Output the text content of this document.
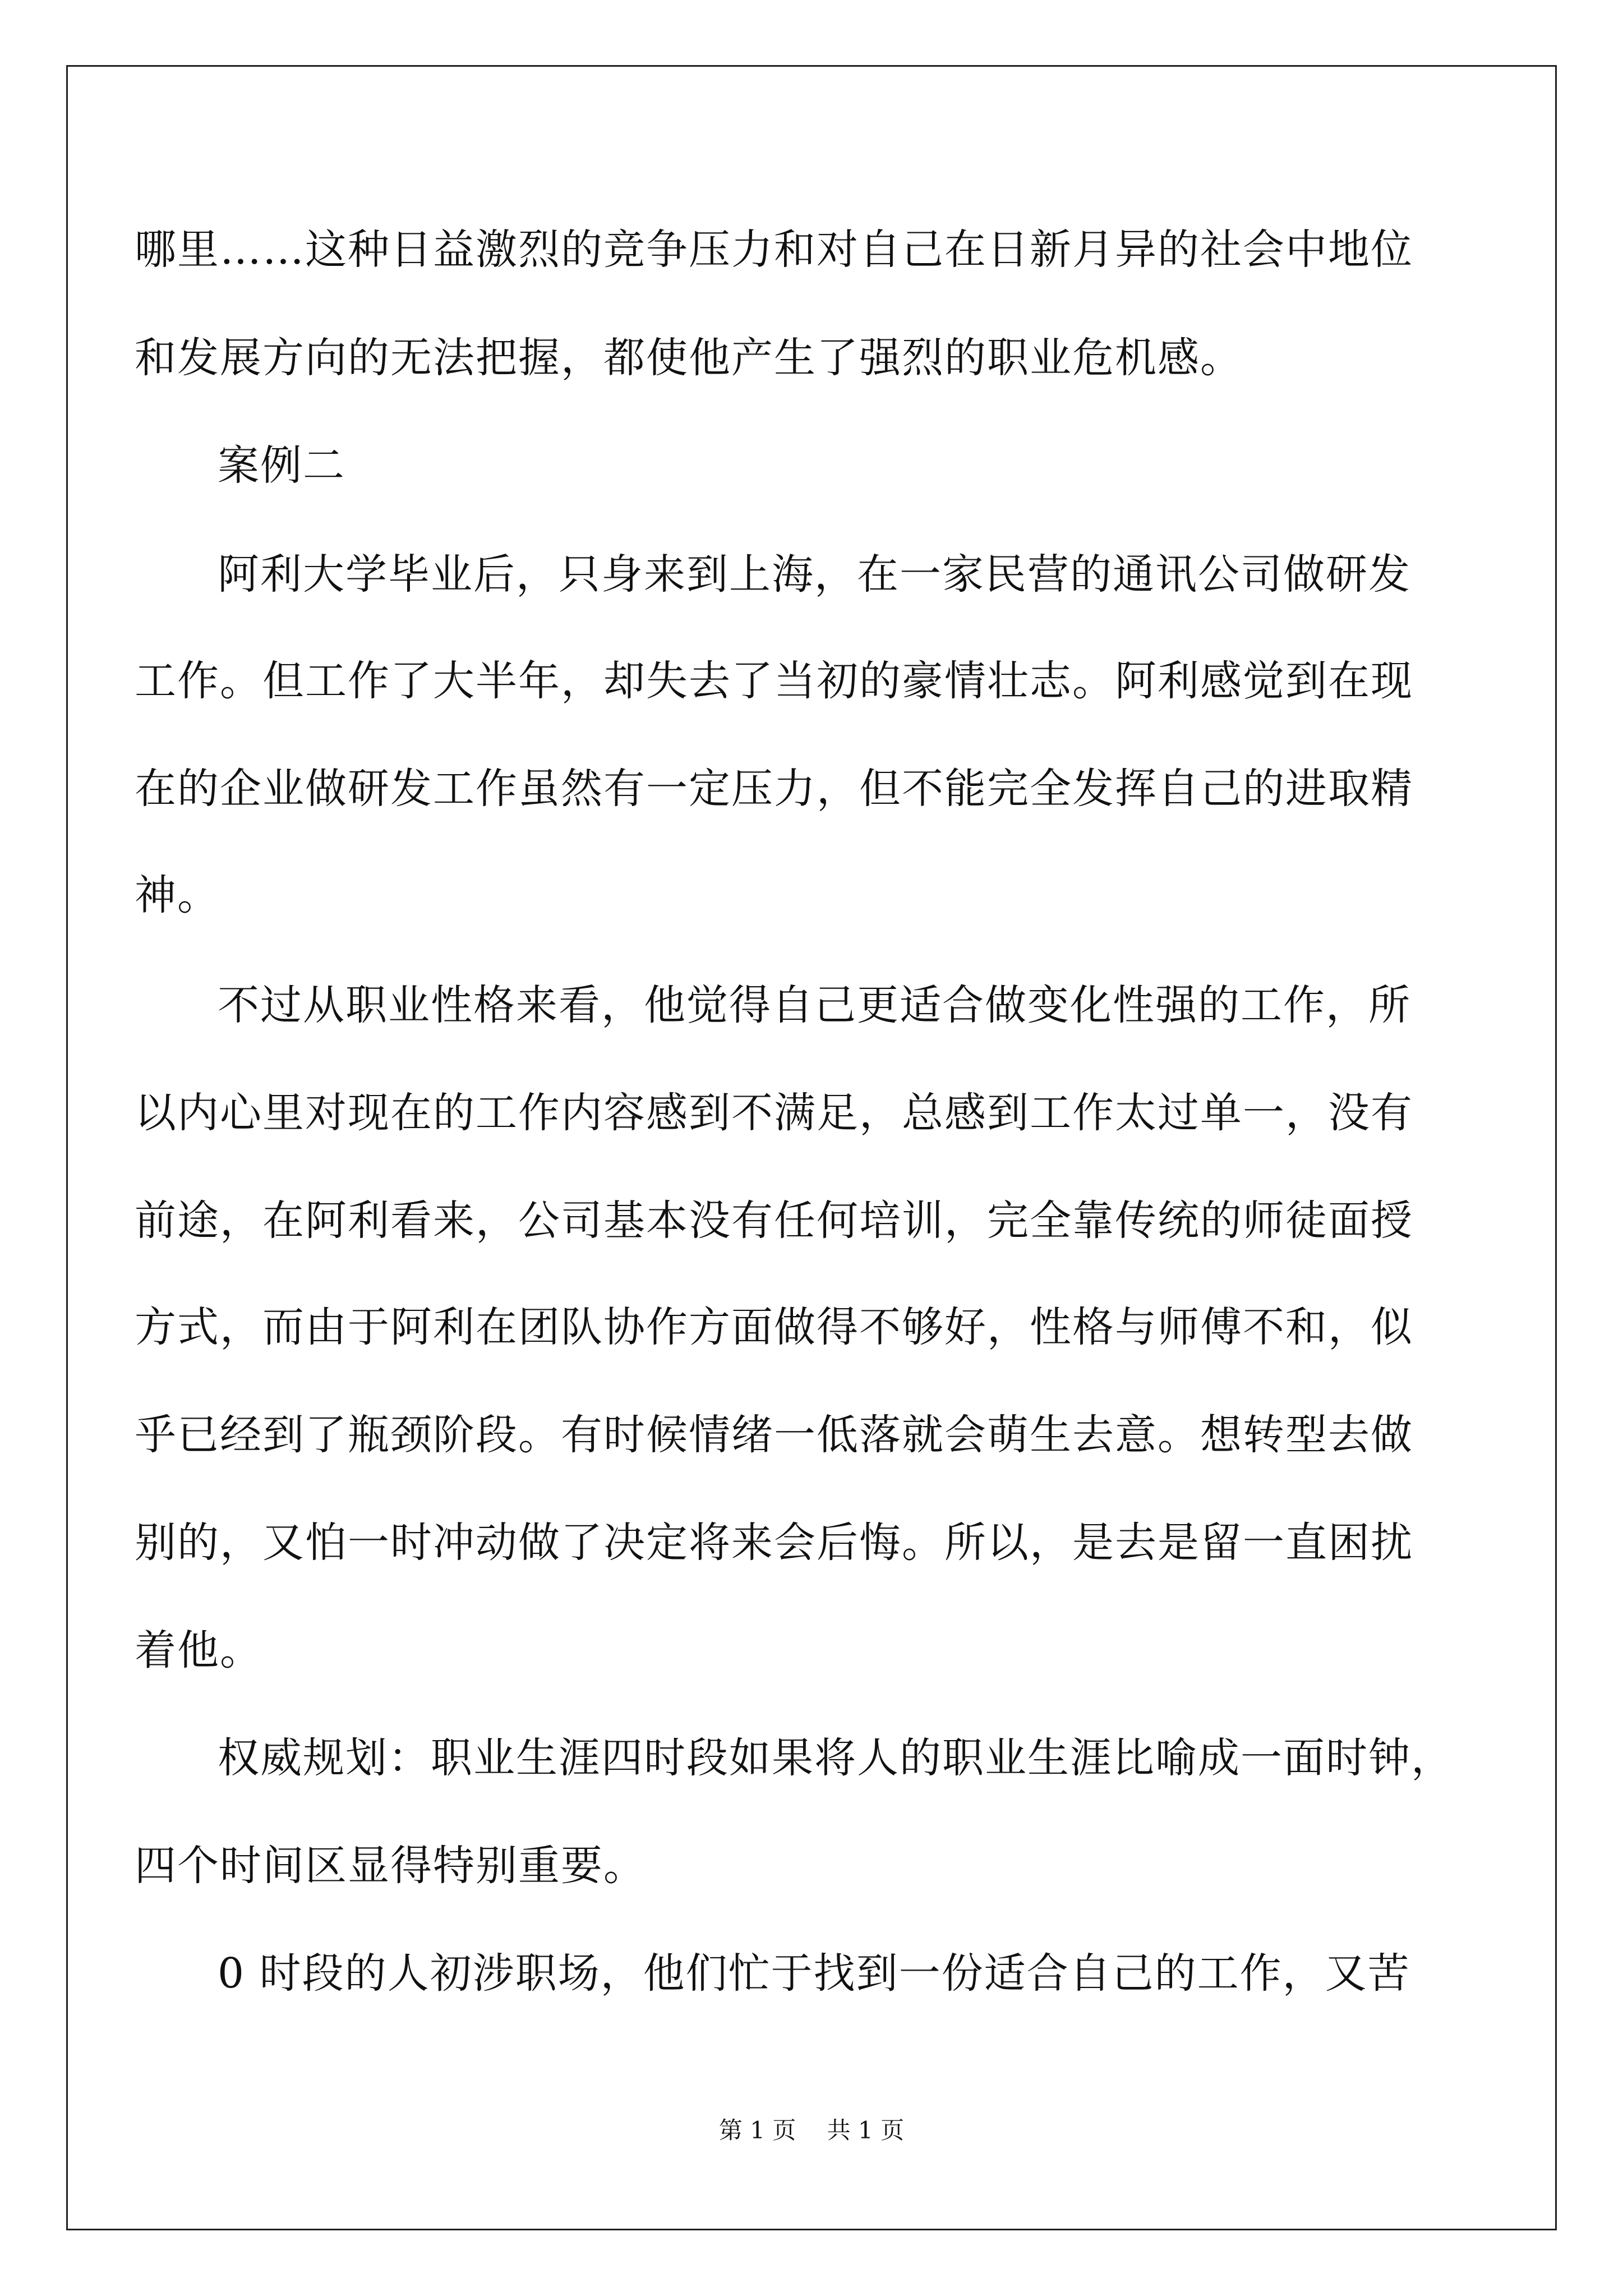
哪里……这种日益激烈的竞争压力和对自己在日新月异的社会中地位
和发展方向的无法把握，都使他产生了强烈的职业危机感。
案例二
阿利大学毕业后，只身来到上海，在一家民营的通讯公司做研发
工作。但工作了大半年，却失去了当初的豪情壮志。阿利感觉到在现
在的企业做研发工作虽然有一定压力，但不能完全发挥自己的进取精
神。
不过从职业性格来看，他觉得自己更适合做变化性强的工作，所
以内心里对现在的工作内容感到不满足，总感到工作太过单一，没有
前途，在阿利看来，公司基本没有任何培训，完全靠传统的师徒面授
方式，而由于阿利在团队协作方面做得不够好，性格与师傅不和，似
乎已经到了瓶颈阶段。有时候情绪一低落就会萌生去意。想转型去做
别的，又怕一时冲动做了决定将来会后悔。所以，是去是留一直困扰
着他。
权威规划：职业生涯四时段如果将人的职业生涯比喻成一面时钟，
四个时间区显得特别重要。
0 时段的人初涉职场，他们忙于找到一份适合自己的工作，又苦
第 1 页　 共 1 页
